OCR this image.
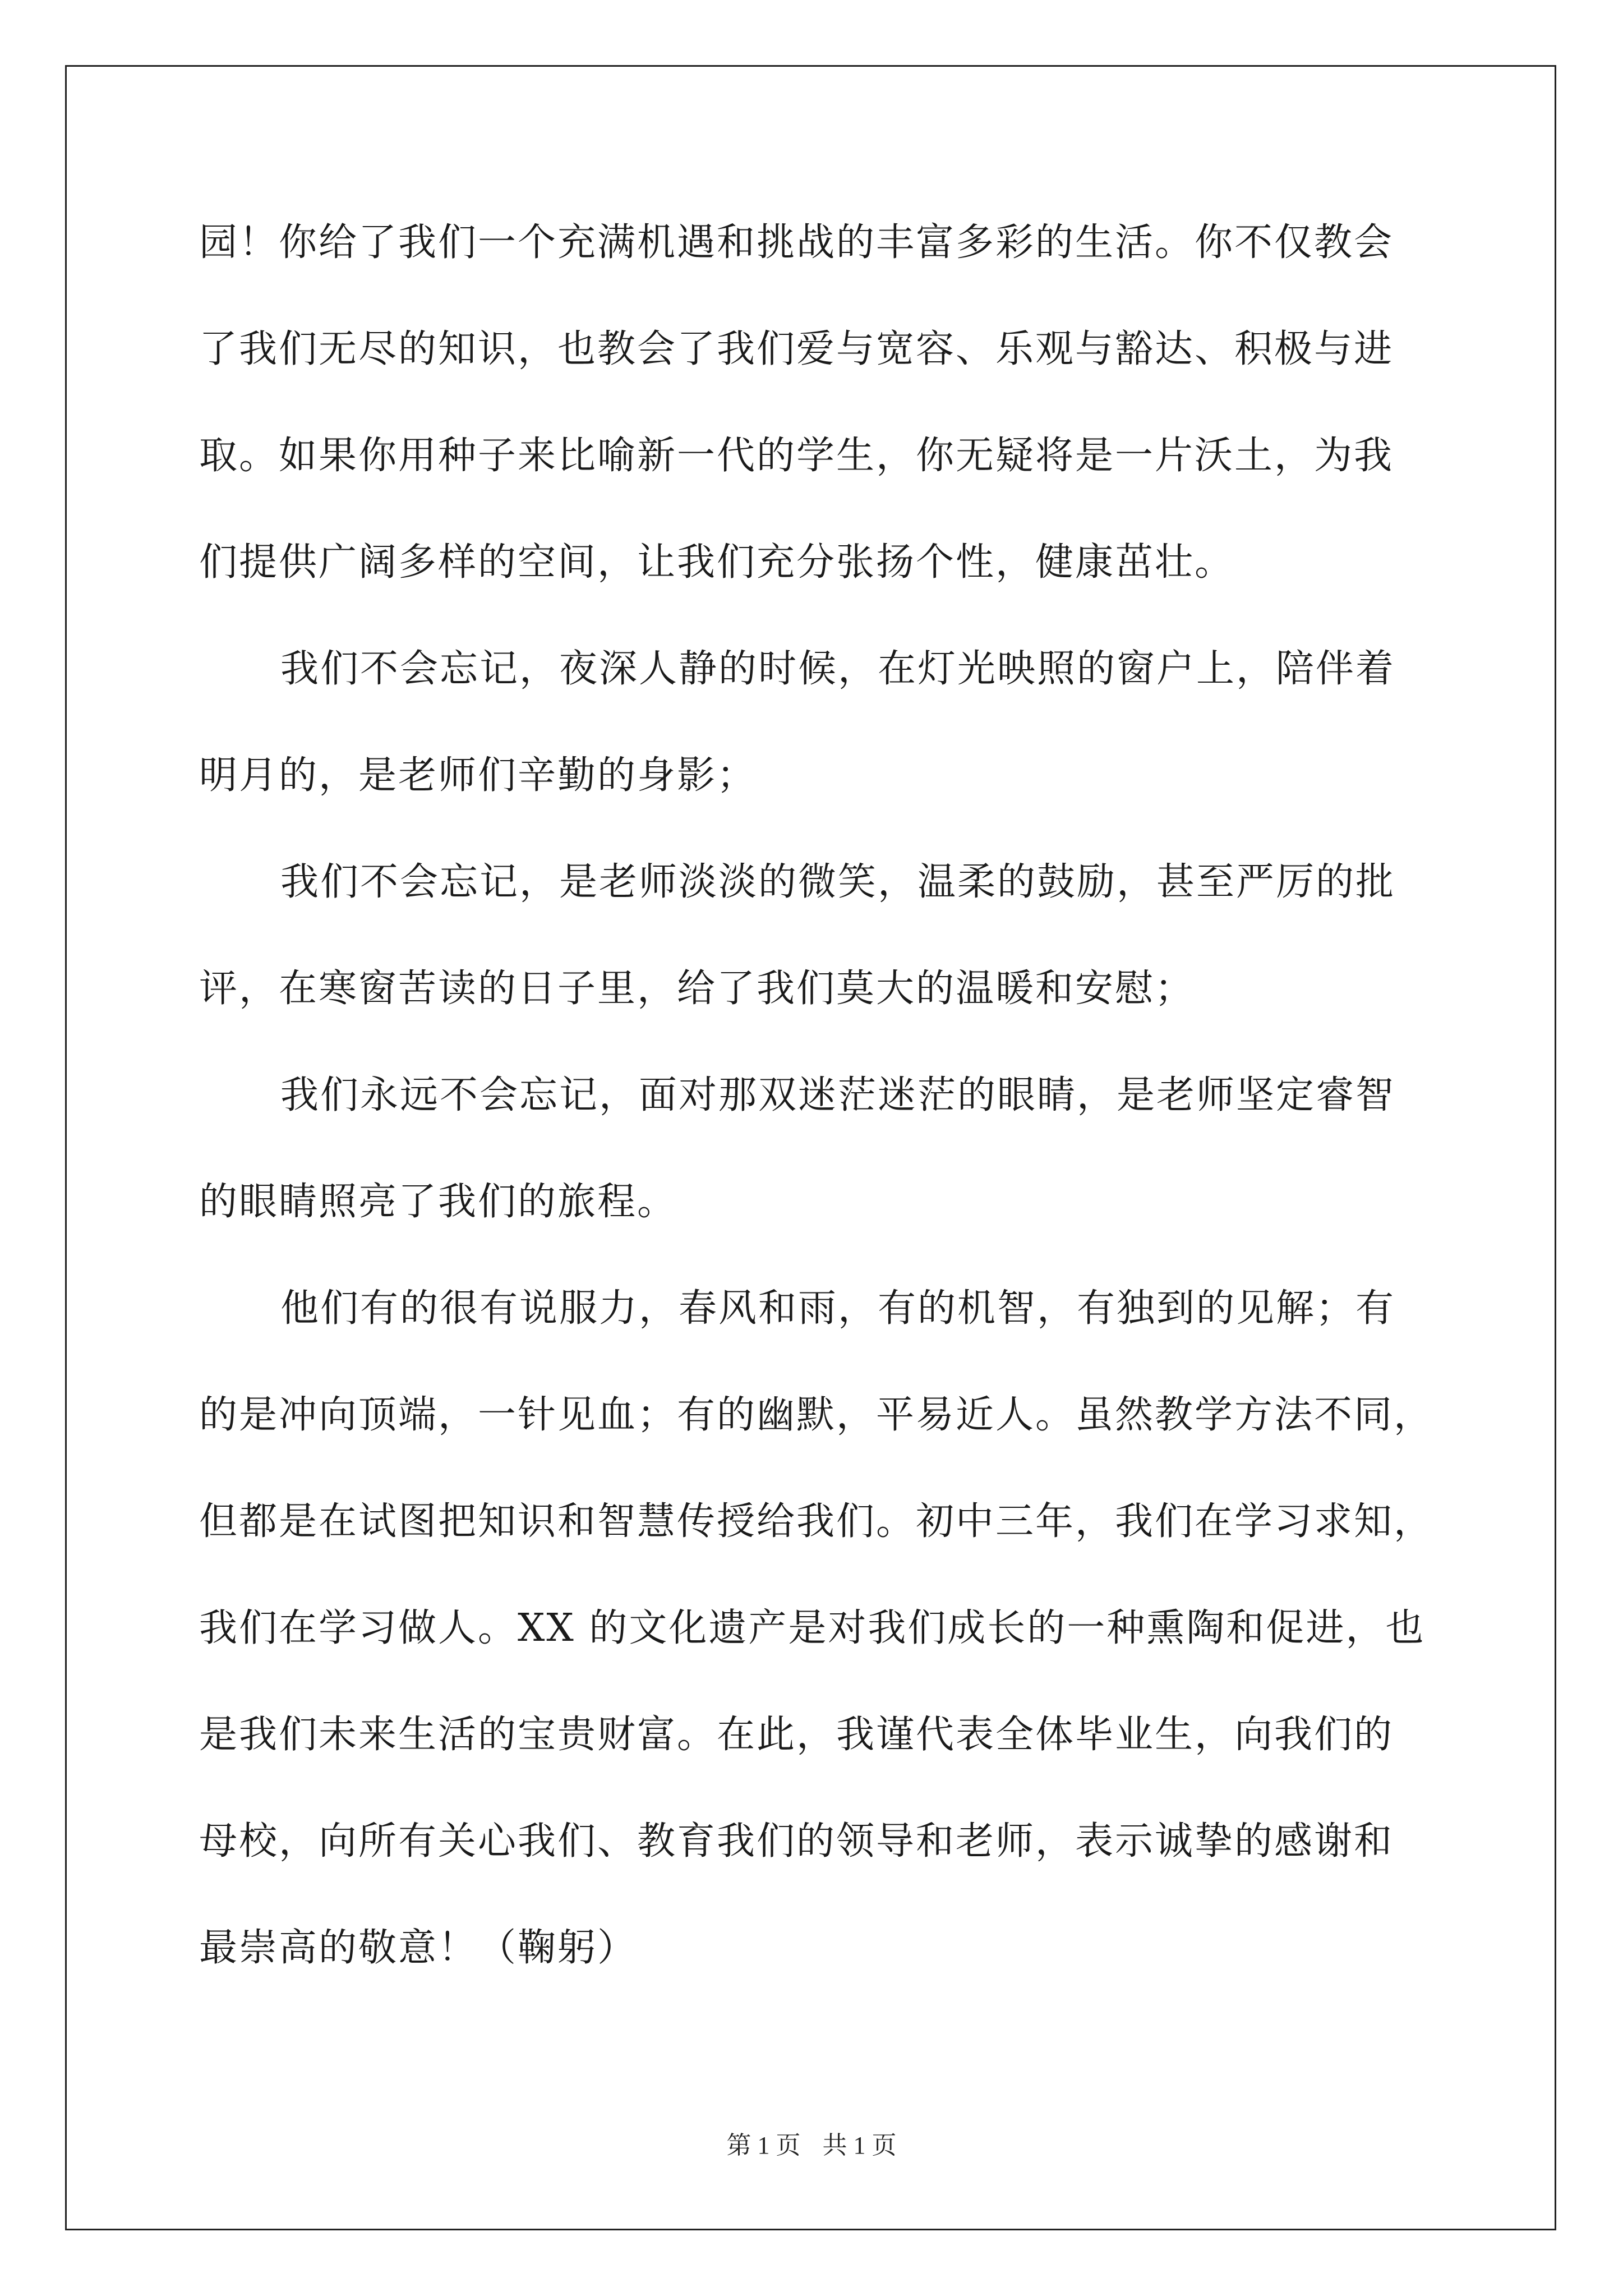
园！你给了我们一个充满机遇和挑战的丰富多彩的生活。你不仅教会
了我们无尽的知识，也教会了我们爱与宽容、乐观与豁达、积极与进
取。如果你用种子来比喻新一代的学生，你无疑将是一片沃土，为我
们提供广阔多样的空间，让我们充分张扬个性，健康茁壮。
我们不会忘记，夜深人静的时候，在灯光映照的窗户上，陪伴着
明月的，是老师们辛勤的身影；
我们不会忘记，是老师淡淡的微笑，温柔的鼓励，甚至严厉的批
评，在寒窗苦读的日子里，给了我们莫大的温暖和安慰；
我们永远不会忘记，面对那双迷茫迷茫的眼睛，是老师坚定睿智
的眼睛照亮了我们的旅程。
他们有的很有说服力，春风和雨，有的机智，有独到的见解；有
的是冲向顶端，一针见血；有的幽默，平易近人。虽然教学方法不同，
但都是在试图把知识和智慧传授给我们。初中三年，我们在学习求知，
我们在学习做人。XX 的文化遗产是对我们成长的一种熏陶和促进，也
是我们未来生活的宝贵财富。在此，我谨代表全体毕业生，向我们的
母校，向所有关心我们、教育我们的领导和老师，表示诚挚的感谢和
最崇高的敬意！（鞠躬）
第 1 页 共 1 页
